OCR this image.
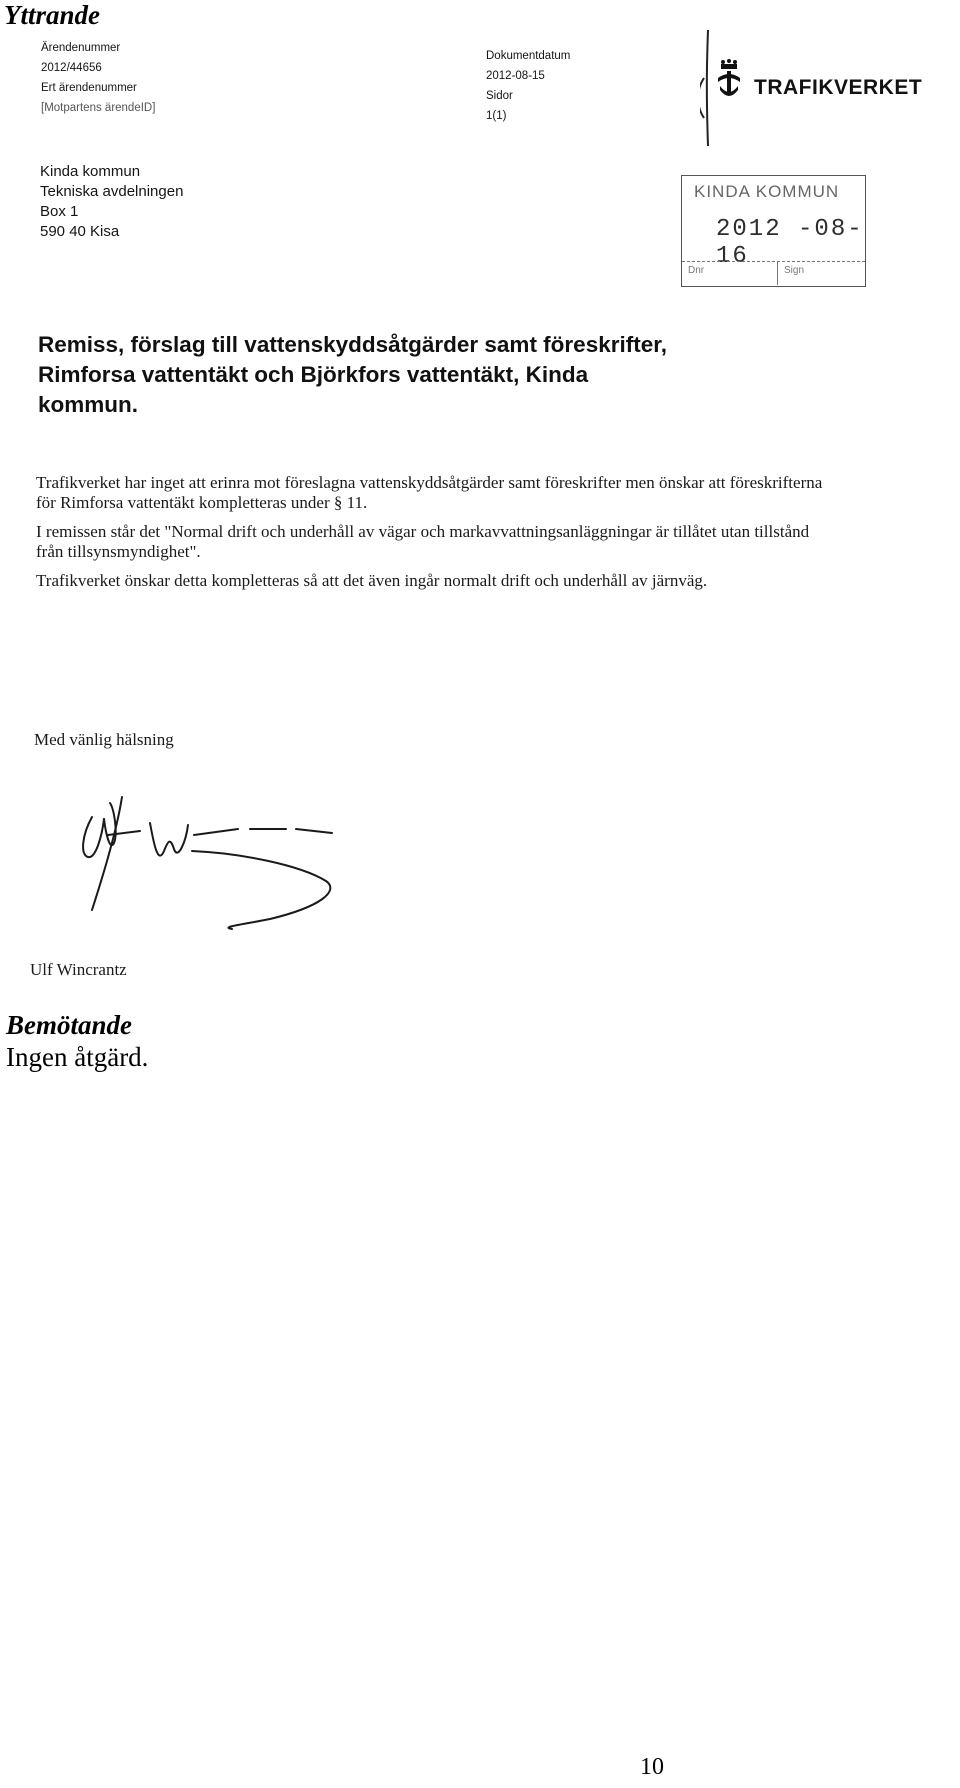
Yttrande

Ärendenummer

2012/44656

Ert ärendenummer

[Motpartens ärendeID]

Dokumentdatum

2012-08-15

Sidor

1(1)

TRAFIKVERKET
Kinda kommun
Tekniska avdelningen
Box 1
590 40 Kisa
KINDA KOMMUN
2012 -08- 16
Dnr	Sign
Remiss, förslag till vattenskyddsåtgärder samt föreskrifter,
Rimforsa vattentäkt och Björkfors vattentäkt, Kinda
kommun.

Trafikverket har inget att erinra mot föreslagna vattenskyddsåtgärder samt föreskrifter men önskar att föreskrifterna för Rimforsa vattentäkt kompletteras under § 11.

I remissen står det "Normal drift och underhåll av vägar och markavvattningsanläggningar är tillåtet utan tillstånd från tillsynsmyndighet".

Trafikverket önskar detta kompletteras så att det även ingår normalt drift och underhåll av järnväg.

Med vänlig hälsning
Ulf Wincrantz
Bemötande

Ingen åtgärd.

10
